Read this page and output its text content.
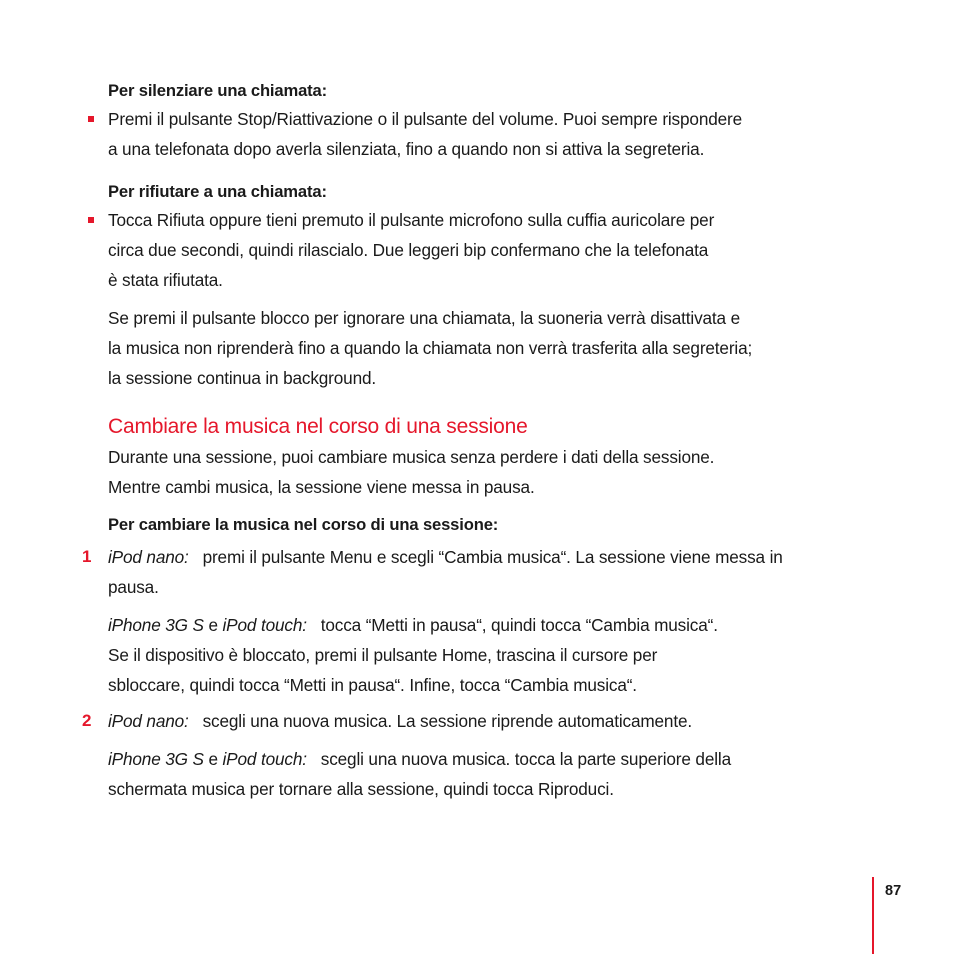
Per silenziare una chiamata:
Premi il pulsante Stop/Riattivazione o il pulsante del volume. Puoi sempre rispondere
a una telefonata dopo averla silenziata, fino a quando non si attiva la segreteria.
Per rifiutare a una chiamata:
Tocca Rifiuta oppure tieni premuto il pulsante microfono sulla cuffia auricolare per
circa due secondi, quindi rilascialo. Due leggeri bip confermano che la telefonata
è stata rifiutata.
Se premi il pulsante blocco per ignorare una chiamata, la suoneria verrà disattivata e
la musica non riprenderà fino a quando la chiamata non verrà trasferita alla segreteria;
la sessione continua in background.
Cambiare la musica nel corso di una sessione
Durante una sessione, puoi cambiare musica senza perdere i dati della sessione.
Mentre cambi musica, la sessione viene messa in pausa.
Per cambiare la musica nel corso di una sessione:
1 iPod nano: premi il pulsante Menu e scegli “Cambia musica“. La sessione viene messa in
pausa.
iPhone 3G S e iPod touch: tocca “Metti in pausa“, quindi tocca “Cambia musica“.
Se il dispositivo è bloccato, premi il pulsante Home, trascina il cursore per
sbloccare, quindi tocca “Metti in pausa“. Infine, tocca “Cambia musica“.
2 iPod nano: scegli una nuova musica. La sessione riprende automaticamente.
iPhone 3G S e iPod touch: scegli una nuova musica. tocca la parte superiore della
schermata musica per tornare alla sessione, quindi tocca Riproduci.
87
